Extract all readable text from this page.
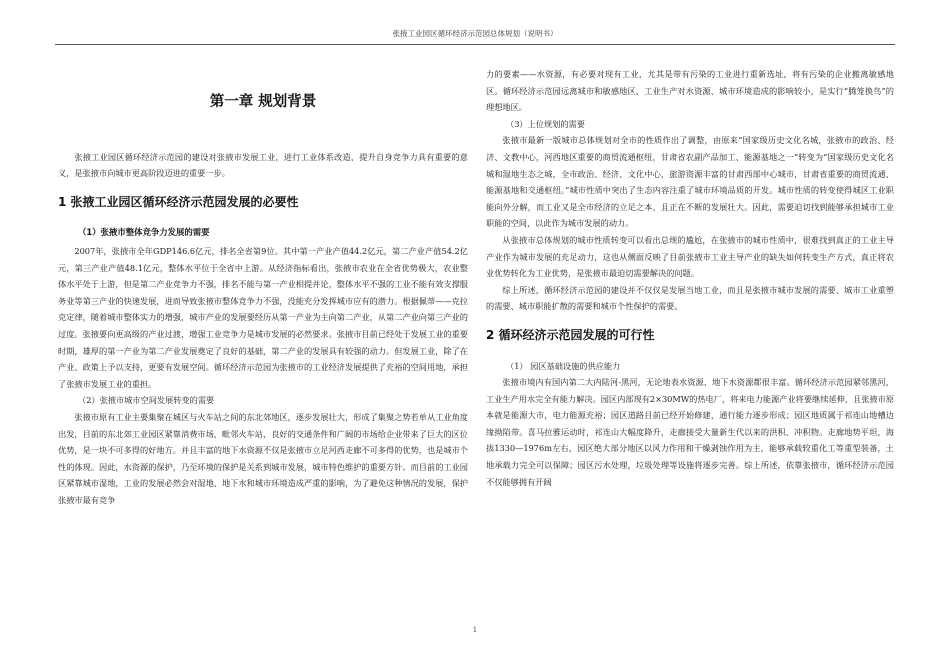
张掖工业园区循环经济示范园总体规划（说明书）
第一章 规划背景

张掖工业园区循环经济示范园的建设对张掖市发展工业，进行工业体系改造，提升自身竞争力具有重要的意义，是张掖市向城市更高阶段迈进的重要一步。

1 张掖工业园区循环经济示范园发展的必要性
（1）张掖市整体竞争力发展的需要

2007年，张掖市全年GDP146.6亿元，排名全省第9位。其中第一产业产值44.2亿元，第二产业产值54.2亿元，第三产业产值48.1亿元，整体水平位于全省中上游。从经济指标看出，张掖市农业在全省优势极大，农业整体水平处于上游，但是第二产业竞争力不强，排名不能与第一产业相提并论，整体水平不强的工业不能有效支撑服务业等第三产业的快速发展，进而导致张掖市整体竞争力不强，没能充分发挥城市应有的潜力。根据佩蒂——克拉克定律，随着城市整体实力的增强，城市产业的发展要经历从第一产业为主向第二产业，从第二产业向第三产业的过度。张掖要向更高级的产业过渡，增强工业竞争力是城市发展的必然要求。张掖市目前已经处于发展工业的重要时期，雄厚的第一产业为第二产业发展奠定了良好的基础，第二产业的发展具有较强的动力。但发展工业，除了在产业、政策上予以支持，更要有发展空间。循环经济示范园为张掖市的工业经济发展提供了充裕的空间用地，承担了张掖市发展工业的重担。

（2）张掖市城市空间发展转变的需要

张掖市原有工业主要集聚在城区与火车站之间的东北郊地区，逐步发展壮大，形成了集聚之势若单从工业角度出发，目前的东北郊工业园区紧靠消费市场，毗邻火车站，良好的交通条件和广阔的市场给企业带来了巨大的区位优势，是一块不可多得的好地方。并且丰富的地下水资源不仅是张掖市立足河西走廊不可多得的优势，也是城市个性的体现。因此，水资源的保护，乃至环境的保护是关系到城市发展，城市特色维护的重要方针。而目前的工业园区紧靠城市湿地，工业的发展必然会对湿地、地下水和城市环境造成严重的影响，为了避免这种情况的发展，保护张掖市最有竞争

力的要素——水资源，有必要对现有工业，尤其是带有污染的工业进行重新选址，将有污染的企业搬离敏感地区。循环经济示范园远离城市和敏感地区，工业生产对水资源、城市环境造成的影响较小，是实行“腾笼换鸟”的理想地区。

（3）上位规划的需要

张掖市最新一版城市总体规划对全市的性质作出了调整，由原来“国家级历史文化名城，张掖市的政治、经济、文教中心，河西地区重要的商贸流通枢纽，甘肃省农副产品加工、能源基地之一”转变为“国家级历史文化名城和湿地生态之城，全市政治、经济、文化中心，旅游资源丰富的甘肃西部中心城市，甘肃省重要的商贸流通、能源基地和交通枢纽。”城市性质中突出了生态内容注重了城市环境品质的开发。城市性质的转变使得城区工业职能向外分解，而工业又是全市经济的立足之本，且正在不断的发展壮大。因此，需要迫切找到能够承担城市工业职能的空间，以此作为城市发展的动力。

从张掖市总体规划的城市性质转变可以看出总规的尴尬，在张掖市的城市性质中，很难找到真正的工业主导产业作为城市发展的充足动力，这也从侧面反映了目前张掖市工业主导产业的缺失如何转变生产方式，真正将农业优势转化为工业优势，是张掖市最迫切需要解决的问题。

综上所述，循环经济示范园的建设并不仅仅是发展当地工业，而且是张掖市城市发展的需要、城市工业重塑的需要、城市职能扩散的需要和城市个性保护的需要。

2 循环经济示范园发展的可行性
（1） 园区基础设施的供应能力

张掖市境内有国内第二大内陆河-黑河，无论地表水资源、地下水资源都很丰富。循环经济示范园紧邻黑河，工业生产用水完全有能力解决。园区内部现有2×30MW的热电厂，将来电力能源产业将要继续延伸，且张掖市原本就是能源大市，电力能源充裕；园区道路目前已经开始修建，通行能力逐步形成；园区地质属于祁连山地槽边缘拗陷带。喜马拉雅运动时，祁连山大幅度降升，走廊接受大量新生代以来的洪积、冲积物。走廊地势平坦，海拔1330—1976m左右，园区绝大部分地区以风力作用和干燥剥蚀作用为主，能够承载较重化工等重型装备，土地承载力完全可以保障；园区污水处理，垃圾处理等设施将逐步完善。综上所述，依靠张掖市，循环经济示范园不仅能够拥有开阔

1
